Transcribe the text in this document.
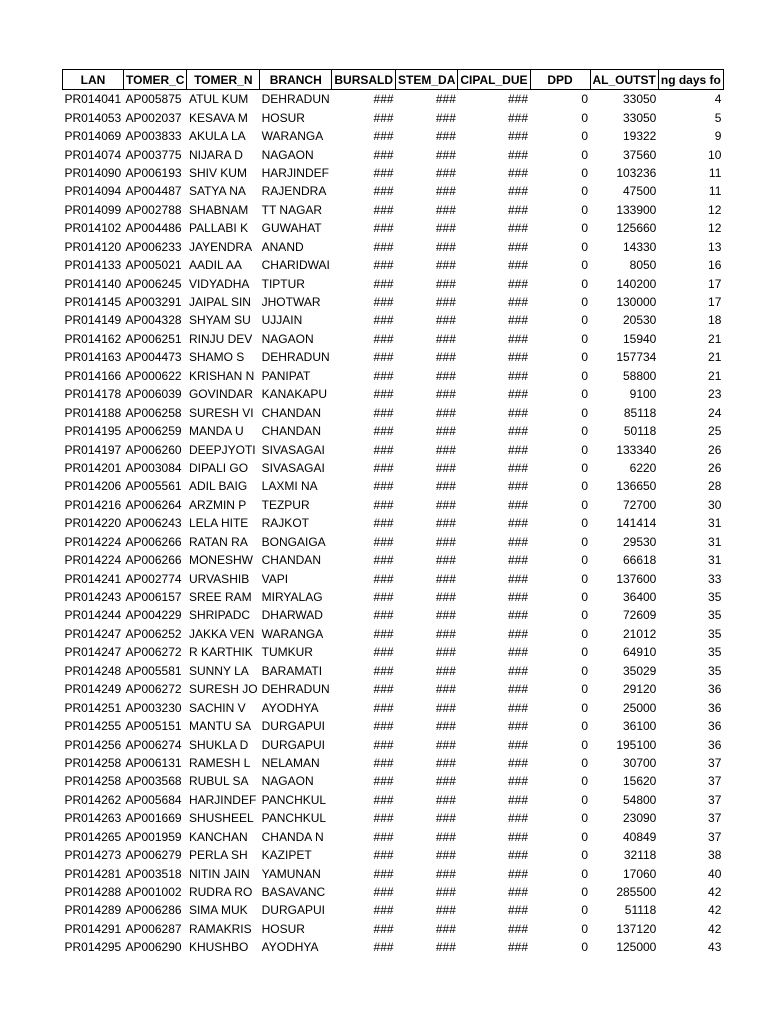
LAN	TOMER_C	TOMER_N	BRANCH	BURSALD	STEM_DA	CIPAL_DUE	DPD	AL_OUTST	ng days fo
PR014041	AP005875	ATUL KUM	DEHRADUN	###	###	###	0	33050	4
PR014053	AP002037	KESAVA M	HOSUR	###	###	###	0	33050	5
PR014069	AP003833	AKULA LA	WARANGA	###	###	###	0	19322	9
PR014074	AP003775	NIJARA D	NAGAON	###	###	###	0	37560	10
PR014090	AP006193	SHIV KUM	HARJINDEF	###	###	###	0	103236	11
PR014094	AP004487	SATYA NA	RAJENDRA	###	###	###	0	47500	11
PR014099	AP002788	SHABNAM	TT NAGAR	###	###	###	0	133900	12
PR014102	AP004486	PALLABI K	GUWAHAT	###	###	###	0	125660	12
PR014120	AP006233	JAYENDRA	ANAND	###	###	###	0	14330	13
PR014133	AP005021	AADIL AA	CHARIDWAI	###	###	###	0	8050	16
PR014140	AP006245	VIDYADHA	TIPTUR	###	###	###	0	140200	17
PR014145	AP003291	JAIPAL SIN	JHOTWAR	###	###	###	0	130000	17
PR014149	AP004328	SHYAM SU	UJJAIN	###	###	###	0	20530	18
PR014162	AP006251	RINJU DEV	NAGAON	###	###	###	0	15940	21
PR014163	AP004473	SHAMO S	DEHRADUN	###	###	###	0	157734	21
PR014166	AP000622	KRISHAN N	PANIPAT	###	###	###	0	58800	21
PR014178	AP006039	GOVINDAR	KANAKAPU	###	###	###	0	9100	23
PR014188	AP006258	SURESH VI	CHANDAN	###	###	###	0	85118	24
PR014195	AP006259	MANDA U	CHANDAN	###	###	###	0	50118	25
PR014197	AP006260	DEEPJYOTI	SIVASAGAI	###	###	###	0	133340	26
PR014201	AP003084	DIPALI GO	SIVASAGAI	###	###	###	0	6220	26
PR014206	AP005561	ADIL BAIG	LAXMI NA	###	###	###	0	136650	28
PR014216	AP006264	ARZMIN P	TEZPUR	###	###	###	0	72700	30
PR014220	AP006243	LELA HITE	RAJKOT	###	###	###	0	141414	31
PR014224	AP006266	RATAN RA	BONGAIGA	###	###	###	0	29530	31
PR014224	AP006266	MONESHW	CHANDAN	###	###	###	0	66618	31
PR014241	AP002774	URVASHIB	VAPI	###	###	###	0	137600	33
PR014243	AP006157	SREE RAM	MIRYALAG	###	###	###	0	36400	35
PR014244	AP004229	SHRIPADC	DHARWAD	###	###	###	0	72609	35
PR014247	AP006252	JAKKA VEN	WARANGA	###	###	###	0	21012	35
PR014247	AP006272	R KARTHIK	TUMKUR	###	###	###	0	64910	35
PR014248	AP005581	SUNNY LA	BARAMATI	###	###	###	0	35029	35
PR014249	AP006272	SURESH JO	DEHRADUN	###	###	###	0	29120	36
PR014251	AP003230	SACHIN V	AYODHYA	###	###	###	0	25000	36
PR014255	AP005151	MANTU SA	DURGAPUI	###	###	###	0	36100	36
PR014256	AP006274	SHUKLA D	DURGAPUI	###	###	###	0	195100	36
PR014258	AP006131	RAMESH L	NELAMAN	###	###	###	0	30700	37
PR014258	AP003568	RUBUL SA	NAGAON	###	###	###	0	15620	37
PR014262	AP005684	HARJINDEF	PANCHKUL	###	###	###	0	54800	37
PR014263	AP001669	SHUSHEEL	PANCHKUL	###	###	###	0	23090	37
PR014265	AP001959	KANCHAN	CHANDA N	###	###	###	0	40849	37
PR014273	AP006279	PERLA SH	KAZIPET	###	###	###	0	32118	38
PR014281	AP003518	NITIN JAIN	YAMUNAN	###	###	###	0	17060	40
PR014288	AP001002	RUDRA RO	BASAVANC	###	###	###	0	285500	42
PR014289	AP006286	SIMA MUK	DURGAPUI	###	###	###	0	51118	42
PR014291	AP006287	RAMAKRIS	HOSUR	###	###	###	0	137120	42
PR014295	AP006290	KHUSHBO	AYODHYA	###	###	###	0	125000	43
